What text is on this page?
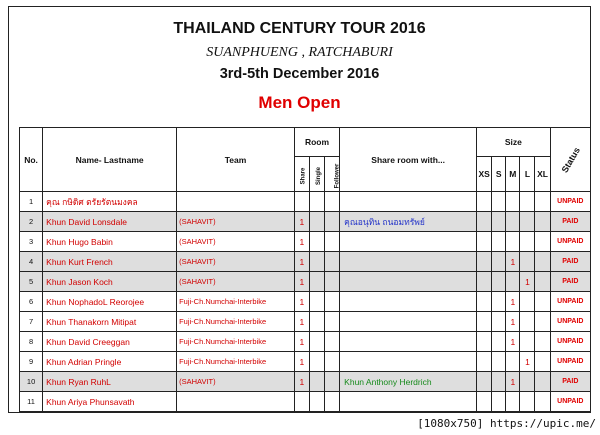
THAILAND CENTURY TOUR 2016
SUANPHUENG , RATCHABURI
3rd-5th December 2016
Men Open
No.	Name- Lastname	Team	Room			Share room with...	Size					Status
			Share	Single	Follower		XS	S	M	L	XL	
1	คุณ กษิดิศ ตรัยรัตนมงคล											UNPAID
2	Khun David Lonsdale	(SAHAVIT)	1			คุณอนุทิน ถนอมทรัพย์						PAID
3	Khun Hugo Babin	(SAHAVIT)	1									UNPAID
4	Khun Kurt French	(SAHAVIT)	1						1			PAID
5	Khun Jason Koch	(SAHAVIT)	1							1		PAID
6	Khun NophadoL Reorojee	Fuji-Ch.Numchai-Interbike	1						1			UNPAID
7	Khun Thanakorn Mitipat	Fuji-Ch.Numchai-Interbike	1						1			UNPAID
8	Khun David Creeggan	Fuji-Ch.Numchai-Interbike	1						1			UNPAID
9	Khun Adrian Pringle	Fuji-Ch.Numchai-Interbike	1							1		UNPAID
10	Khun Ryan RuhL	(SAHAVIT)	1			Khun Anthony Herdrich			1			PAID
11	Khun Ariya Phunsavath											UNPAID
[1080x750] https://upic.me/
